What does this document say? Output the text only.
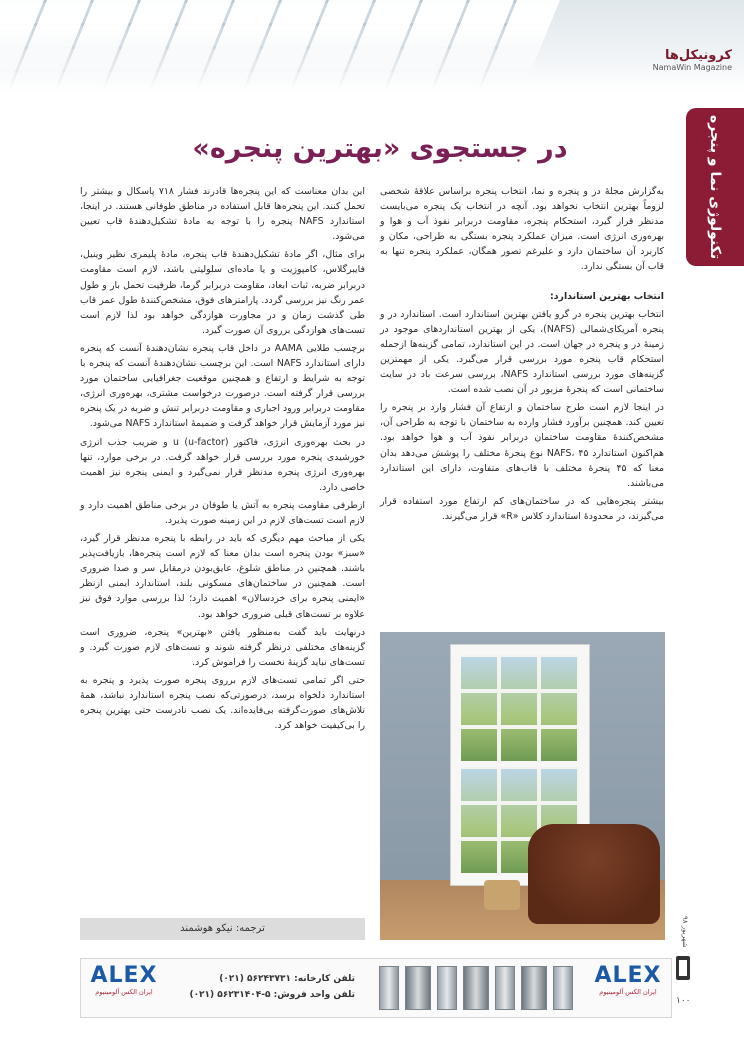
کرونیکل‌ها
NamaWin Magazine
تکنولوژی نما و پنجره
در جستجوی «بهترین پنجره»

به‌گزارش مجلهٔ در و پنجره و نما، انتخاب پنجره براساس علاقهٔ شخصی لزوماً بهترین انتخاب نخواهد بود. آنچه در انتخاب یک پنجره می‌بایست مدنظر قرار گیرد، استحکام پنجره، مقاومت دربرابر نفوذ آب و هوا و بهره‌وری انرژی است. میزان عملکرد پنجره بستگی به طراحی، مکان و کاربرد آن ساختمان دارد و علیرغم تصور همگان، عملکرد پنجره تنها به قاب آن بستگی ندارد.

انتخاب بهترین استاندارد:

انتخاب بهترین پنجره در گرو یافتن بهترین استاندارد است. استاندارد در و پنجره آمریکای‌شمالی (NAFS)، یکی از بهترین استانداردهای موجود در زمینهٔ در و پنجره در جهان است. در این استاندارد، تمامی گزینه‌ها ازجمله استحکام قاب پنجره مورد بررسی قرار می‌گیرد. یکی از مهمترین گزینه‌های مورد بررسی استاندارد NAFS، بررسی سرعت باد در سایت ساختمانی است که پنجرهٔ مزبور در آن نصب شده است.

در اینجا لازم است طرح ساختمان و ارتفاع آن فشار وارد بر پنجره را تعیین کند. همچنین برآورد فشار وارده به ساختمان با توجه به طراحی آن، مشخص‌کنندهٔ مقاومت ساختمان دربرابر نفوذ آب و هوا خواهد بود. هم‌اکنون استاندارد NAFS، ۴۵ نوع پنجرهٔ مختلف را پوشش می‌دهد بدان معنا که ۴۵ پنجرهٔ مختلف با قاب‌های متفاوت، دارای این استاندارد می‌باشند.

بیشتر پنجره‌هایی که در ساختمان‌های کم ارتفاع مورد استفاده قرار می‌گیرند، در محدودهٔ استاندارد کلاس «R» قرار می‌گیرند.

این بدان معناست که این پنجره‌ها قادرند فشار ۷۱۸ پاسکال و بیشتر را تحمل کنند. این پنجره‌ها قابل استفاده در مناطق طوفانی هستند. در اینجا، استاندارد NAFS پنجره را با توجه به مادهٔ تشکیل‌دهندهٔ قاب تعیین می‌شود.

برای مثال، اگر مادهٔ تشکیل‌دهندهٔ قاب پنجره، مادهٔ پلیمری نظیر وینیل، فایبرگلاس، کامپوزیت و یا ماده‌ای سلولیتی باشد، لازم است مقاومت دربرابر ضربه، ثبات ابعاد، مقاومت دربرابر گرما، ظرفیت تحمل بار و طول عمر رنگ نیز بررسی گردد. پارامترهای فوق، مشخص‌کنندهٔ طول عمر قاب طی گذشت زمان و در مجاورت هوازدگی خواهد بود لذا لازم است تست‌های هوازدگی برروی آن صورت گیرد.

برچسب طلایی AAMA در داخل قاب پنجره نشان‌دهندهٔ آنست که پنجره دارای استاندارد NAFS است. این برچسب نشان‌دهندهٔ آنست که پنجره با توجه به شرایط و ارتفاع و همچنین موقعیت جغرافیایی ساختمان مورد بررسی قرار گرفته است. درصورت درخواست مشتری، بهره‌وری انرژی، مقاومت دربرابر ورود اجباری و مقاومت دربرابر تنش و ضربه در یک پنجره نیز مورد آزمایش قرار خواهد گرفت و ضمیمهٔ استاندارد NAFS می‌شود.

در بحث بهره‌وری انرژی، فاکتور u (u-factor) و ضریب جذب انرژی خورشیدی پنجره مورد بررسی قرار خواهد گرفت. در برخی موارد، تنها بهره‌وری انرژی پنجره مدنظر قرار نمی‌گیرد و ایمنی پنجره نیز اهمیت خاصی دارد.

ازطرفی مقاومت پنجره به آتش یا طوفان در برخی مناطق اهمیت دارد و لازم است تست‌های لازم در این زمینه صورت پذیرد.

یکی از مباحث مهم دیگری که باید در رابطه با پنجره مدنظر قرار گیرد، «سبز» بودن پنجره است بدان معنا که لازم است پنجره‌ها، بازیافت‌پذیر باشند. همچنین در مناطق شلوغ، عایق‌بودن درمقابل سر و صدا ضروری است. همچنین در ساختمان‌های مسکونی بلند، استاندارد ایمنی ازنظر «ایمنی پنجره برای خردسالان» اهمیت دارد؛ لذا بررسی موارد فوق نیز علاوه بر تست‌های قبلی ضروری خواهد بود.

درنهایت باید گفت به‌منظور یافتن «بهترین» پنجره، ضروری است گزینه‌های مختلفی درنظر گرفته شوند و تست‌های لازم صورت گیرد. و تست‌های نباید گزینهٔ نخست را فراموش کرد.

حتی اگر تمامی تست‌های لازم برروی پنجره صورت پذیرد و پنجره به استاندارد دلخواه برسد، درصورتی‌که نصب پنجره استاندارد نباشد، همهٔ تلاش‌های صورت‌گرفته بی‌فایده‌اند. یک نصب نادرست حتی بهترین پنجره را بی‌کیفیت خواهد کرد.

ترجمه: نیکو هوشمند
ALEX
ایران الکس آلومینیوم
تلفن کارخانه: ۵۶۲۴۳۷۳۱ (۰۲۱)
تلفن واحد فروش: ۵-۵۶۲۳۱۴۰۴ (۰۲۱)
ALEX
ایران الکس آلومینیوم
شهریور ۹۸
۱۰۰
